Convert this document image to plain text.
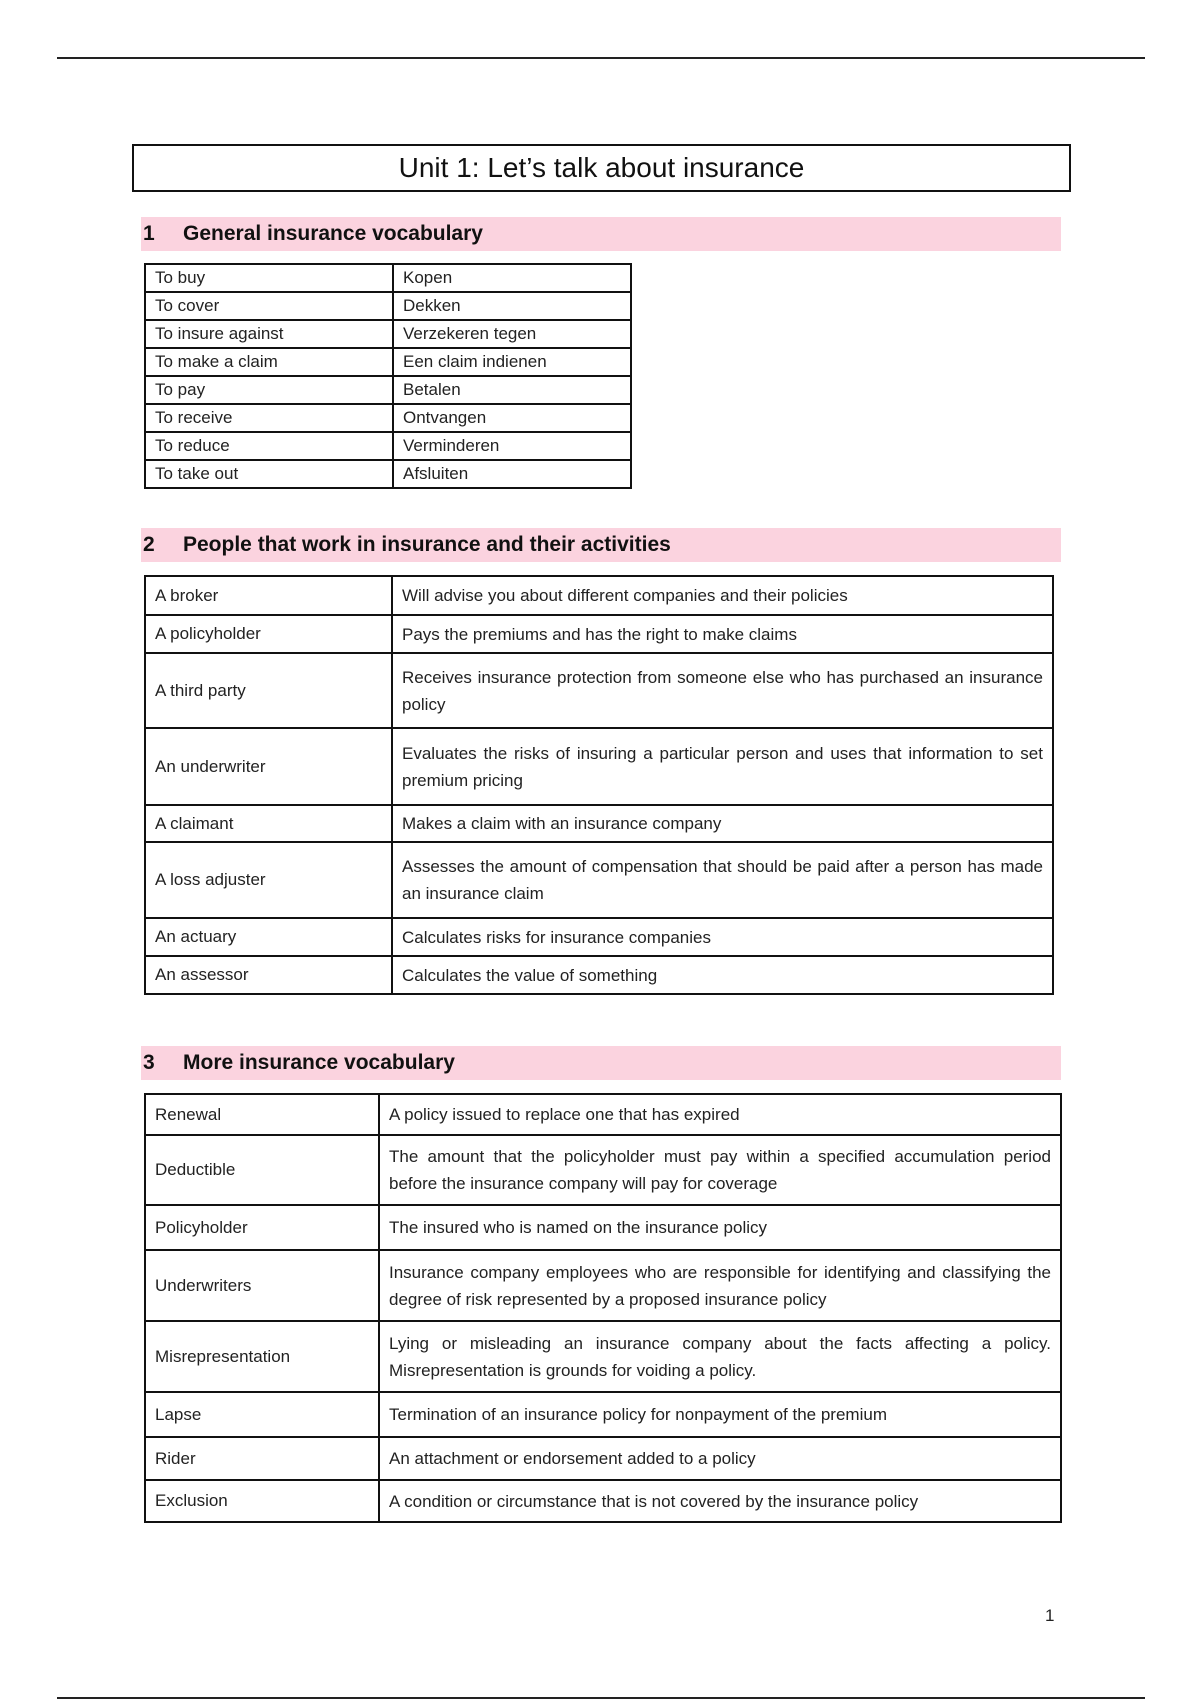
Unit 1: Let’s talk about insurance
1 General insurance vocabulary
To buy	Kopen
To cover	Dekken
To insure against	Verzekeren tegen
To make a claim	Een claim indienen
To pay	Betalen
To receive	Ontvangen
To reduce	Verminderen
To take out	Afsluiten
2 People that work in insurance and their activities
A broker	Will advise you about different companies and their policies
A policyholder	Pays the premiums and has the right to make claims
A third party	Receives insurance protection from someone else who has purchased an insurance policy
An underwriter	Evaluates the risks of insuring a particular person and uses that information to set premium pricing
A claimant	Makes a claim with an insurance company
A loss adjuster	Assesses the amount of compensation that should be paid after a person has made an insurance claim
An actuary	Calculates risks for insurance companies
An assessor	Calculates the value of something
3 More insurance vocabulary
Renewal	A policy issued to replace one that has expired
Deductible	The amount that the policyholder must pay within a specified accumulation period before the insurance company will pay for coverage
Policyholder	The insured who is named on the insurance policy
Underwriters	Insurance company employees who are responsible for identifying and classifying the degree of risk represented by a proposed insurance policy
Misrepresentation	Lying or misleading an insurance company about the facts affecting a policy. Misrepresentation is grounds for voiding a policy.
Lapse	Termination of an insurance policy for nonpayment of the premium
Rider	An attachment or endorsement added to a policy
Exclusion	A condition or circumstance that is not covered by the insurance policy
1
